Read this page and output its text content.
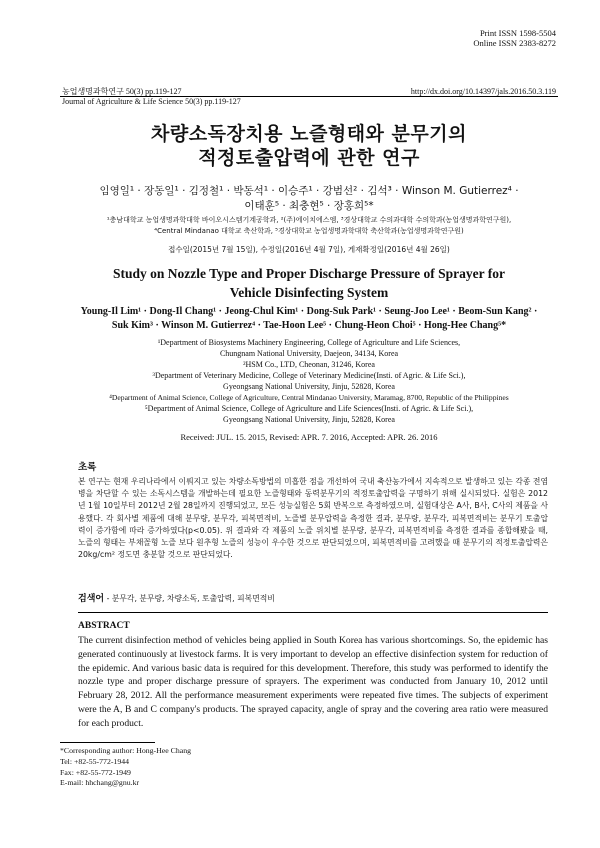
Print ISSN 1598-5504
Online ISSN 2383-8272
농업생명과학연구 50(3) pp.119-127
Journal of Agriculture & Life Science 50(3) pp.119-127
http://dx.doi.org/10.14397/jals.2016.50.3.119
차량소독장치용 노즐형태와 분무기의
적정토출압력에 관한 연구
임영일¹ · 장동일¹ · 김정철¹ · 박동석¹ · 이승주¹ · 강범선² · 김석³ · Winson M. Gutierrez⁴ ·
이태훈⁵ · 최충현⁵ · 장홍희⁵*
¹충남대학교 농업생명과학대학 바이오시스템기계공학과, ²(주)에이치에스엠, ³경상대학교 수의과대학 수의학과(농업생명과학연구원),
⁴Central Mindanao 대학교 축산학과, ⁵경상대학교 농업생명과학대학 축산학과(농업생명과학연구원)
접수일(2015년 7월 15일), 수정일(2016년 4월 7일), 게재확정일(2016년 4월 26일)
Study on Nozzle Type and Proper Discharge Pressure of Sprayer for
Vehicle Disinfecting System
Young-Il Lim¹ · Dong-Il Chang¹ · Jeong-Chul Kim¹ · Dong-Suk Park¹ · Seung-Joo Lee¹ · Beom-Sun Kang² ·
Suk Kim³ · Winson M. Gutierrez⁴ · Tae-Hoon Lee⁵ · Chung-Heon Choi⁵ · Hong-Hee Chang⁵*
¹Department of Biosystems Machinery Engineering, College of Agriculture and Life Sciences,
Chungnam National University, Daejeon, 34134, Korea
²HSM Co., LTD, Cheonan, 31246, Korea
³Department of Veterinary Medicine, College of Veterinary Medicine(Insti. of Agric. & Life Sci.),
Gyeongsang National University, Jinju, 52828, Korea
⁴Department of Animal Science, College of Agriculture, Central Mindanao University, Maramag, 8700, Republic of the Philippines
⁵Department of Animal Science, College of Agriculture and Life Sciences(Insti. of Agric. & Life Sci.),
Gyeongsang National University, Jinju, 52828, Korea
Received: JUL. 15. 2015, Revised: APR. 7. 2016, Accepted: APR. 26. 2016
초록
본 연구는 현재 우리나라에서 이뤄지고 있는 차량소독방법의 미흡한 점을 개선하여 국내 축산농가에서 지속적으로 발생하고 있는 각종 전염병을 차단할 수 있는 소독시스템을 개발하는데 필요한 노즐형태와 동력분무기의 적정토출압력을 구명하기 위해 실시되었다. 실험은 2012년 1월 10일부터 2012년 2월 28일까지 진행되었고, 모든 성능실험은 5회 반복으로 측정하였으며, 실험대상은 A사, B사, C사의 제품을 사용했다. 각 회사별 제품에 대해 분무량, 분무각, 피복면적비, 노즐별 분무압력을 측정한 결과, 분무량, 분무각, 피복면적비는 분무기 토출압력이 증가함에 따라 증가하였다(p<0.05). 위 결과와 각 제품의 노즐 위치별 분무량, 분무각, 피복면적비를 측정한 결과를 종합해봤을 때, 노즐의 형태는 부채꼴형 노즐 보다 원추형 노즐의 성능이 우수한 것으로 판단되었으며, 피복면적비를 고려했을 때 분무기의 적정토출압력은 20kg/cm² 정도면 충분할 것으로 판단되었다.
검색어 - 분무각, 분무량, 차량소독, 토출압력, 피복면적비
ABSTRACT
The current disinfection method of vehicles being applied in South Korea has various shortcomings. So, the epidemic has generated continuously at livestock farms. It is very important to develop an effective disinfection system for reduction of the epidemic. And various basic data is required for this development. Therefore, this study was performed to identify the nozzle type and proper discharge pressure of sprayers. The experiment was conducted from January 10, 2012 until February 28, 2012. All the performance measurement experiments were repeated five times. The subjects of experiment were the A, B and C company's products. The sprayed capacity, angle of spray and the covering area ratio were measured for each product.
*Corresponding author: Hong-Hee Chang
Tel: +82-55-772-1944
Fax: +82-55-772-1949
E-mail: hhchang@gnu.kr
